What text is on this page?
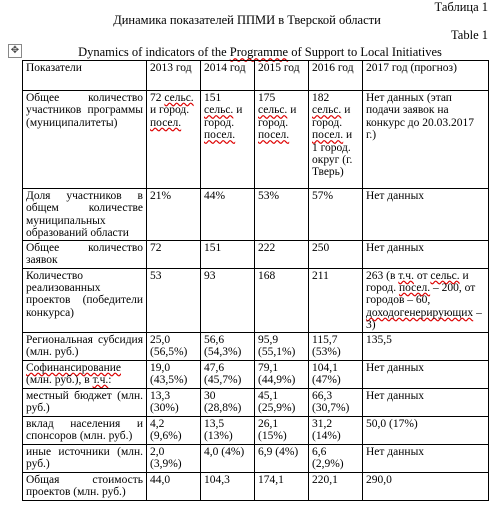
Таблица 1
Динамика показателей ППМИ в Тверской области
Table 1
✥	Dynamics of indicators of the Programme of Support to Local Initiatives
Показатели	2013 год	2014 год	2015 год	2016 год	2017 год (прогноз)
Общее количество участников программы (муниципалитеты)	72 сельс. и город. посел.	151 сельс. и город. посел.	175 сельс. и город. посел.	182 сельс. и город. посел. и 1 город. округ (г. Тверь)	Нет данных (этап подачи заявок на конкурс до 20.03.2017 г.)
Доля участников в общем количестве муниципальных образований области	21%	44%	53%	57%	Нет данных
Общее количество заявок	72	151	222	250	Нет данных
Количество реализованных проектов (победители конкурса)	53	93	168	211	263 (в т.ч. от сельс. и город. посел. – 200, от городов – 60, доходогенерирующих – 3)
Региональная субсидия (млн. руб.)	25,0 (56,5%)	56,6 (54,3%)	95,9 (55,1%)	115,7 (53%)	135,5
Софинансирование (млн. руб.), в т.ч.:	19,0 (43,5%)	47,6 (45,7%)	79,1 (44,9%)	104,1 (47%)	Нет данных
местный бюджет (млн. руб.)	13,3 (30%)	30 (28,8%)	45,1 (25,9%)	66,3 (30,7%)	Нет данных
вклад населения и спонсоров (млн. руб.)	4,2 (9,6%)	13,5 (13%)	26,1 (15%)	31,2 (14%)	50,0 (17%)
иные источники (млн. руб.)	2,0 (3,9%)	4,0 (4%)	6,9 (4%)	6,6 (2,9%)	Нет данных
Общая стоимость проектов (млн. руб.)	44,0	104,3	174,1	220,1	290,0
